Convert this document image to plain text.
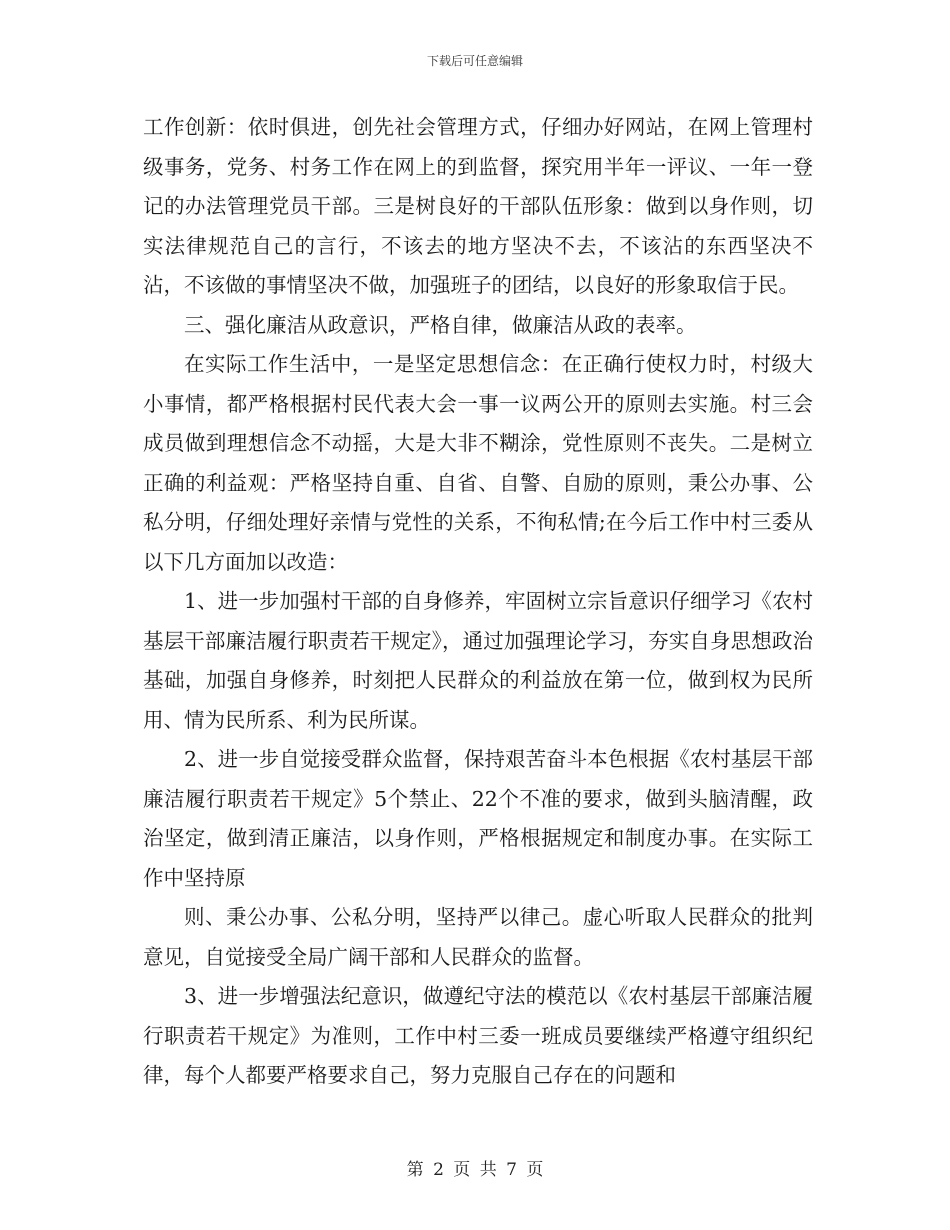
下载后可任意编辑

工作创新：依时俱进，创先社会管理方式，仔细办好网站，在网上管理村级事务，党务、村务工作在网上的到监督，探究用半年一评议、一年一登记的办法管理党员干部。三是树良好的干部队伍形象：做到以身作则，切实法律规范自己的言行，不该去的地方坚决不去，不该沾的东西坚决不沾，不该做的事情坚决不做，加强班子的团结，以良好的形象取信于民。

三、强化廉洁从政意识，严格自律，做廉洁从政的表率。

在实际工作生活中，一是坚定思想信念：在正确行使权力时，村级大小事情，都严格根据村民代表大会一事一议两公开的原则去实施。村三会成员做到理想信念不动摇，大是大非不糊涂，党性原则不丧失。二是树立正确的利益观：严格坚持自重、自省、自警、自励的原则，秉公办事、公私分明，仔细处理好亲情与党性的关系，不徇私情;在今后工作中村三委从以下几方面加以改造：

1、进一步加强村干部的自身修养，牢固树立宗旨意识仔细学习《农村基层干部廉洁履行职责若干规定》，通过加强理论学习，夯实自身思想政治基础，加强自身修养，时刻把人民群众的利益放在第一位，做到权为民所用、情为民所系、利为民所谋。

2、进一步自觉接受群众监督，保持艰苦奋斗本色根据《农村基层干部廉洁履行职责若干规定》5个禁止、22个不准的要求，做到头脑清醒，政治坚定，做到清正廉洁，以身作则，严格根据规定和制度办事。在实际工作中坚持原

则、秉公办事、公私分明，坚持严以律己。虚心听取人民群众的批判意见，自觉接受全局广阔干部和人民群众的监督。

3、进一步增强法纪意识，做遵纪守法的模范以《农村基层干部廉洁履行职责若干规定》为准则，工作中村三委一班成员要继续严格遵守组织纪律，每个人都要严格要求自己，努力克服自己存在的问题和

第 2 页 共 7 页
